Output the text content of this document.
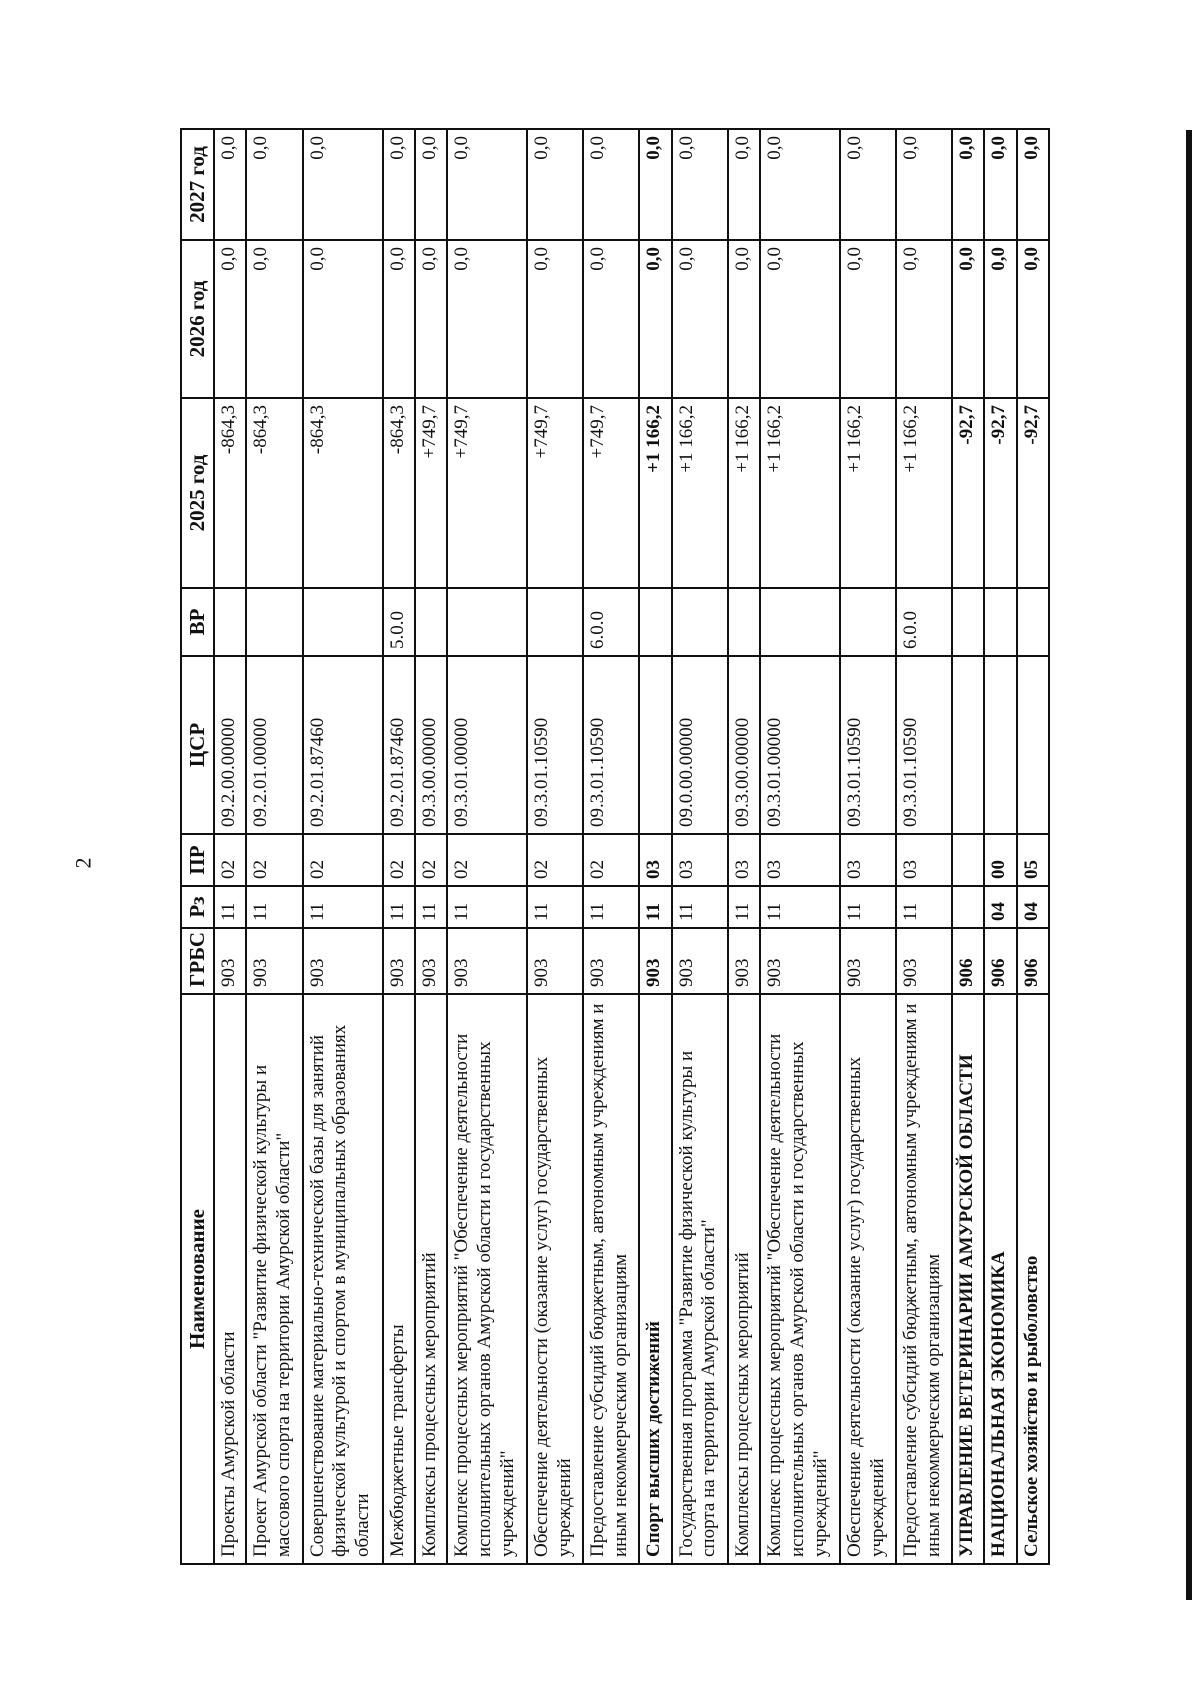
2
Наименование	ГРБС	Рз	ПР	ЦСР	ВР	2025 год	2026 год	2027 год
Проекты Амурской области	903	11	02	09.2.00.00000		-864,3	0,0	0,0
Проект Амурской области "Развитие физической культуры и массового спорта на территории Амурской области"	903	11	02	09.2.01.00000		-864,3	0,0	0,0
Совершенствование материально-технической базы для занятий физической культурой и спортом в муниципальных образованиях области	903	11	02	09.2.01.87460		-864,3	0,0	0,0
Межбюджетные трансферты	903	11	02	09.2.01.87460	5.0.0	-864,3	0,0	0,0
Комплексы процессных мероприятий	903	11	02	09.3.00.00000		+749,7	0,0	0,0
Комплекс процессных мероприятий "Обеспечение деятельности исполнительных органов Амурской области и государственных учреждений"	903	11	02	09.3.01.00000		+749,7	0,0	0,0
Обеспечение деятельности (оказание услуг) государственных учреждений	903	11	02	09.3.01.10590		+749,7	0,0	0,0
Предоставление субсидий бюджетным, автономным учреждениям и иным некоммерческим организациям	903	11	02	09.3.01.10590	6.0.0	+749,7	0,0	0,0
Спорт высших достижений	903	11	03			+1 166,2	0,0	0,0
Государственная программа "Развитие физической культуры и спорта на территории Амурской области"	903	11	03	09.0.00.00000		+1 166,2	0,0	0,0
Комплексы процессных мероприятий	903	11	03	09.3.00.00000		+1 166,2	0,0	0,0
Комплекс процессных мероприятий "Обеспечение деятельности исполнительных органов Амурской области и государственных учреждений"	903	11	03	09.3.01.00000		+1 166,2	0,0	0,0
Обеспечение деятельности (оказание услуг) государственных учреждений	903	11	03	09.3.01.10590		+1 166,2	0,0	0,0
Предоставление субсидий бюджетным, автономным учреждениям и иным некоммерческим организациям	903	11	03	09.3.01.10590	6.0.0	+1 166,2	0,0	0,0
УПРАВЛЕНИЕ ВЕТЕРИНАРИИ АМУРСКОЙ ОБЛАСТИ	906					-92,7	0,0	0,0
НАЦИОНАЛЬНАЯ ЭКОНОМИКА	906	04	00			-92,7	0,0	0,0
Сельское хозяйство и рыболовство	906	04	05			-92,7	0,0	0,0
